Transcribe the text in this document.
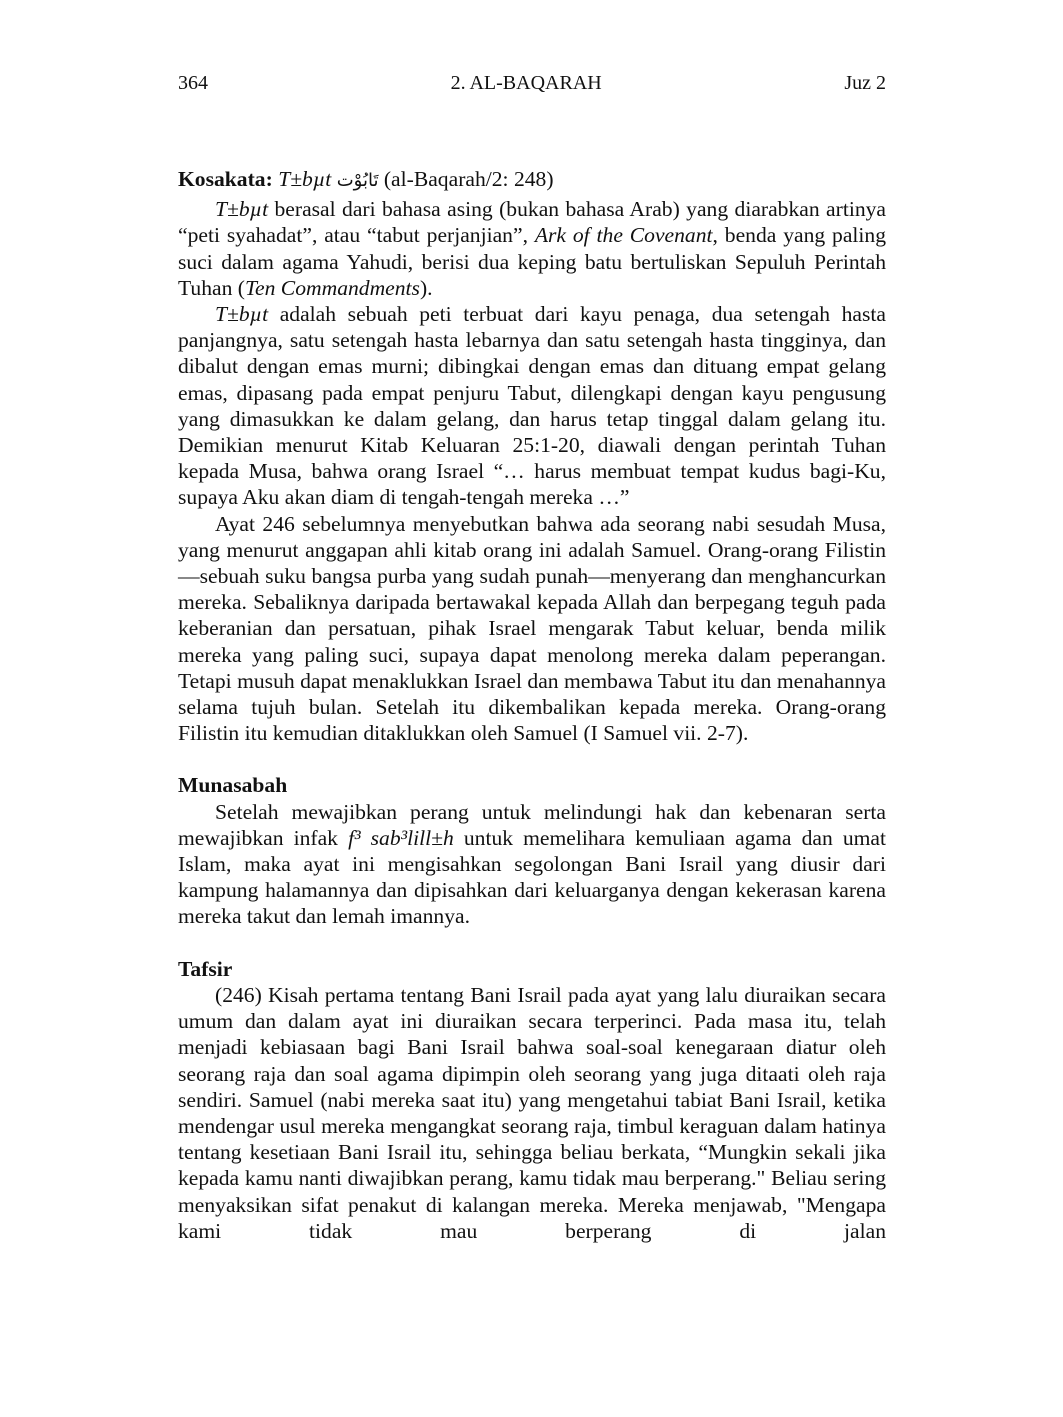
364	2. AL-BAQARAH	Juz 2
Kosakata: T±bµt تَابُوْت (al-Baqarah/2: 248)

T±bµt berasal dari bahasa asing (bukan bahasa Arab) yang diarabkan artinya “peti syahadat”, atau “tabut perjanjian”, Ark of the Covenant, benda yang paling suci dalam agama Yahudi, berisi dua keping batu bertuliskan Sepuluh Perintah Tuhan (Ten Commandments).

T±bµt adalah sebuah peti terbuat dari kayu penaga, dua setengah hasta panjangnya, satu setengah hasta lebarnya dan satu setengah hasta tingginya, dan dibalut dengan emas murni; dibingkai dengan emas dan dituang empat gelang emas, dipasang pada empat penjuru Tabut, dilengkapi dengan kayu pengusung yang dimasukkan ke dalam gelang, dan harus tetap tinggal dalam gelang itu. Demikian menurut Kitab Keluaran 25:1-20, diawali dengan perintah Tuhan kepada Musa, bahwa orang Israel “… harus membuat tempat kudus bagi-Ku, supaya Aku akan diam di tengah-tengah mereka …”

Ayat 246 sebelumnya menyebutkan bahwa ada seorang nabi sesudah Musa, yang menurut anggapan ahli kitab orang ini adalah Samuel. Orang-orang Filistin—sebuah suku bangsa purba yang sudah punah—menyerang dan menghancurkan mereka. Sebaliknya daripada bertawakal kepada Allah dan berpegang teguh pada keberanian dan persatuan, pihak Israel mengarak Tabut keluar, benda milik mereka yang paling suci, supaya dapat menolong mereka dalam peperangan. Tetapi musuh dapat menaklukkan Israel dan membawa Tabut itu dan menahannya selama tujuh bulan. Setelah itu dikembalikan kepada mereka. Orang-orang Filistin itu kemudian ditaklukkan oleh Samuel (I Samuel vii. 2-7).

Munasabah

Setelah mewajibkan perang untuk melindungi hak dan kebenaran serta mewajibkan infak f³ sab³lill±h untuk memelihara kemuliaan agama dan umat Islam, maka ayat ini mengisahkan segolongan Bani Israil yang diusir dari kampung halamannya dan dipisahkan dari keluarganya dengan kekerasan karena mereka takut dan lemah imannya.

Tafsir

(246) Kisah pertama tentang Bani Israil pada ayat yang lalu diuraikan secara umum dan dalam ayat ini diuraikan secara terperinci. Pada masa itu, telah menjadi kebiasaan bagi Bani Israil bahwa soal-soal kenegaraan diatur oleh seorang raja dan soal agama dipimpin oleh seorang yang juga ditaati oleh raja sendiri. Samuel (nabi mereka saat itu) yang mengetahui tabiat Bani Israil, ketika mendengar usul mereka mengangkat seorang raja, timbul keraguan dalam hatinya tentang kesetiaan Bani Israil itu, sehingga beliau berkata, “Mungkin sekali jika kepada kamu nanti diwajibkan perang, kamu tidak mau berperang." Beliau sering menyaksikan sifat penakut di kalangan mereka. Mereka menjawab, "Mengapa kami tidak mau berperang di jalan
